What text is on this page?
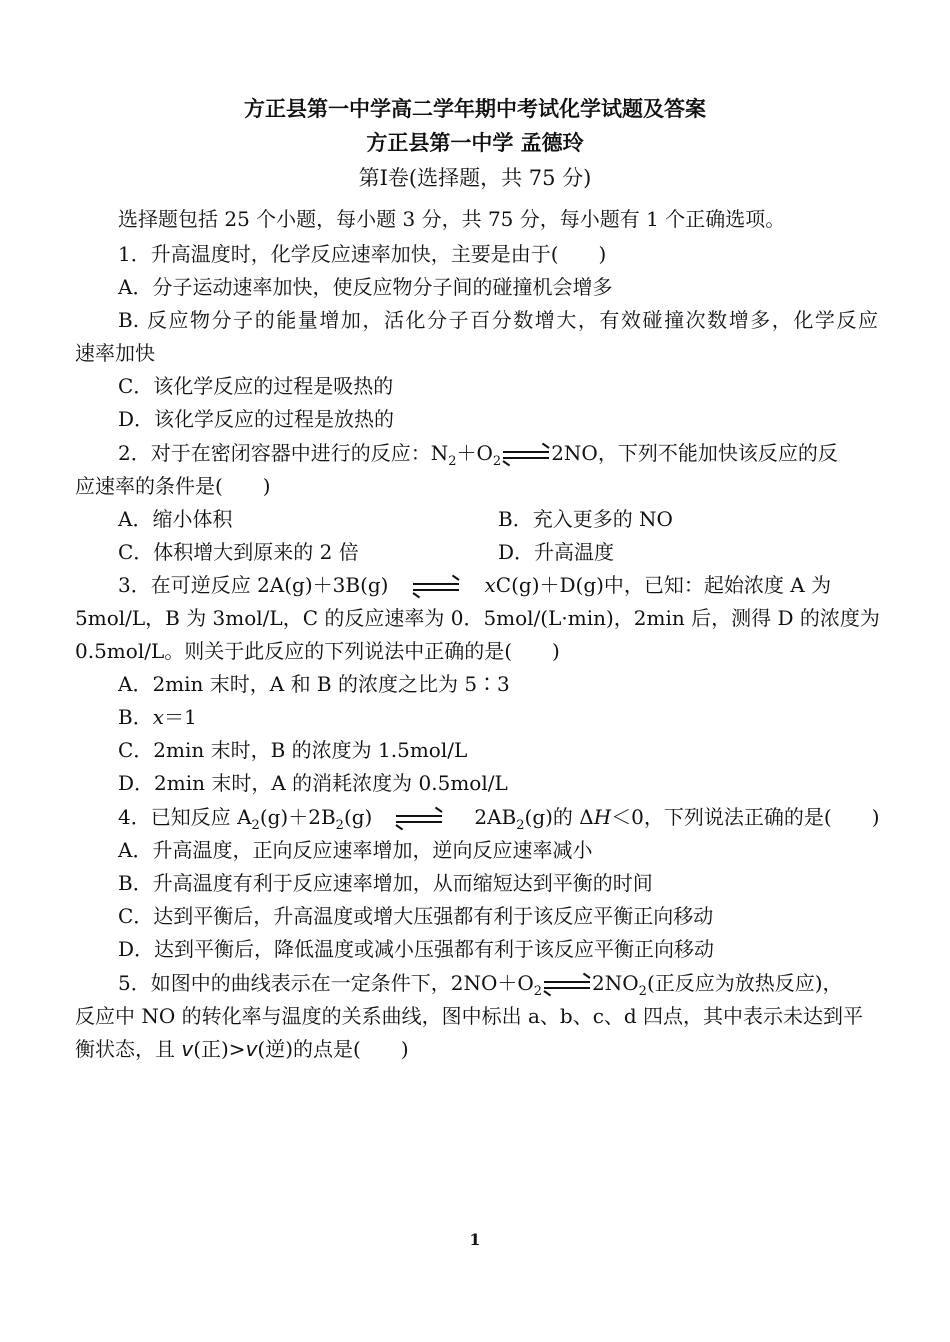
方正县第一中学高二学年期中考试化学试题及答案
方正县第一中学 孟德玲
第Ⅰ卷(选择题，共 75 分)
选择题包括 25 个小题，每小题 3 分，共 75 分，每小题有 1 个正确选项。
1．升高温度时，化学反应速率加快，主要是由于(　　)
A．分子运动速率加快，使反应物分子间的碰撞机会增多
B. 反应物分子的能量增加，活化分子百分数增大，有效碰撞次数增多，化学反应
速率加快
C．该化学反应的过程是吸热的
D．该化学反应的过程是放热的
2．对于在密闭容器中进行的反应：$N_2+O_2$	2NO，下列不能加快该反应的反
应速率的条件是(　　)
A．缩小体积	B．充入更多的 NO
C．体积增大到原来的 2 倍	D．升高温度
3．在可逆反应 2A(g)＋3B(g)	xC(g)＋D(g)中，已知：起始浓度 A 为
5mol/L，B 为 3mol/L，C 的反应速率为 0．5mol/(L·min)，2min 后，测得 D 的浓度为
0.5mol/L。则关于此反应的下列说法中正确的是(　　)
A．2min 末时，A 和 B 的浓度之比为 5∶3
B．x＝1
C．2min 末时，B 的浓度为 1.5mol/L
D．2min 末时，A 的消耗浓度为 0.5mol/L
4．已知反应 $A_2(g)+2B_2(g)$	$2AB_2(g)$的 ΔH＜0，下列说法正确的是(　　)
A．升高温度，正向反应速率增加，逆向反应速率减小
B．升高温度有利于反应速率增加，从而缩短达到平衡的时间
C．达到平衡后，升高温度或增大压强都有利于该反应平衡正向移动
D．达到平衡后，降低温度或减小压强都有利于该反应平衡正向移动
5．如图中的曲线表示在一定条件下，$2NO+O_2$	$2NO_2$(正反应为放热反应)，
反应中 NO 的转化率与温度的关系曲线，图中标出 a、b、c、d 四点，其中表示未达到平
衡状态，且 v(正)>v(逆)的点是(　　)
1
